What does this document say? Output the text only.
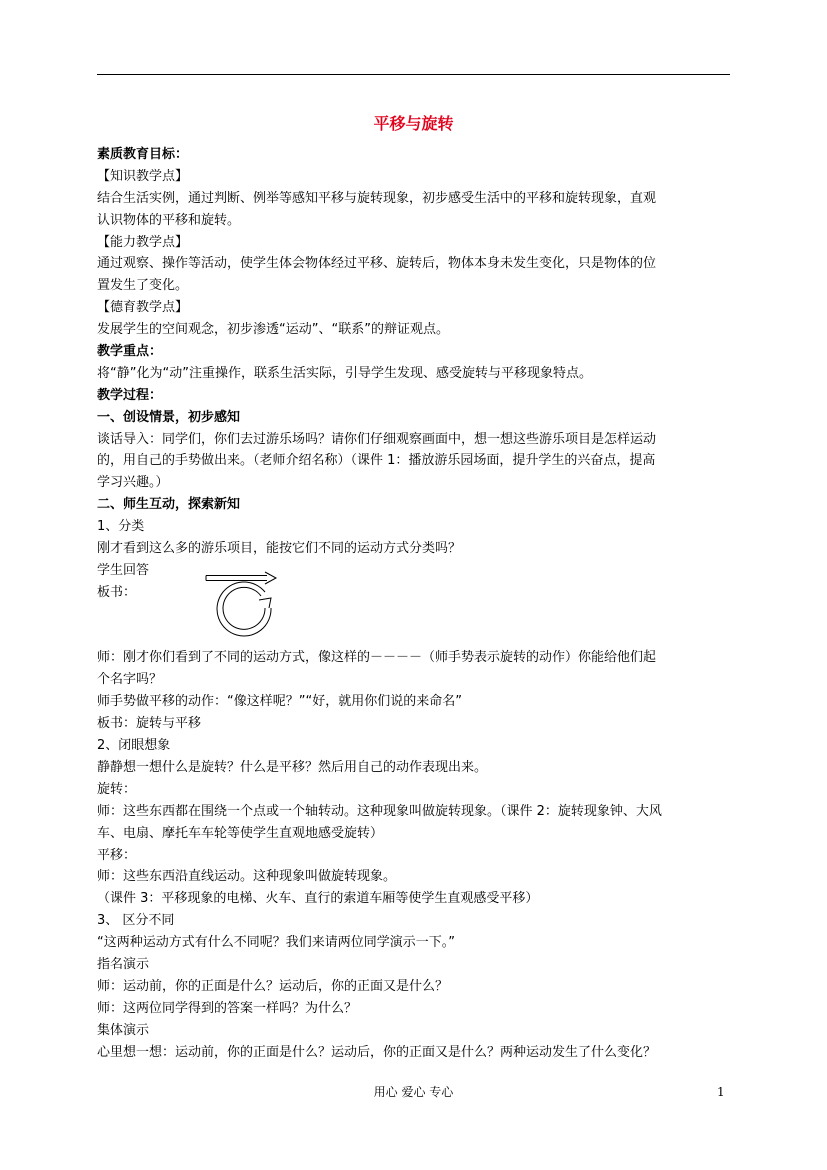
平移与旋转
素质教育目标：
【知识教学点】
结合生活实例，通过判断、例举等感知平移与旋转现象，初步感受生活中的平移和旋转现象，直观
认识物体的平移和旋转。
【能力教学点】
通过观察、操作等活动，使学生体会物体经过平移、旋转后，物体本身未发生变化，只是物体的位
置发生了变化。
【德育教学点】
发展学生的空间观念，初步渗透“运动”、“联系”的辩证观点。
教学重点：
将“静”化为“动”注重操作，联系生活实际，引导学生发现、感受旋转与平移现象特点。
教学过程：
一、创设情景，初步感知
谈话导入：同学们，你们去过游乐场吗？请你们仔细观察画面中，想一想这些游乐项目是怎样运动
的，用自己的手势做出来。（老师介绍名称）（课件 1：播放游乐园场面，提升学生的兴奋点，提高
学习兴趣。）
二、师生互动，探索新知
1、分类
刚才看到这么多的游乐项目，能按它们不同的运动方式分类吗？
学生回答
板书：
师：刚才你们看到了不同的运动方式，像这样的－－－－（师手势表示旋转的动作）你能给他们起
个名字吗？
师手势做平移的动作：“像这样呢？”“好，就用你们说的来命名”
板书：旋转与平移
2、闭眼想象
静静想一想什么是旋转？什么是平移？然后用自己的动作表现出来。
旋转：
师：这些东西都在围绕一个点或一个轴转动。这种现象叫做旋转现象。（课件 2：旋转现象钟、大风
车、电扇、摩托车车轮等使学生直观地感受旋转）
平移：
师：这些东西沿直线运动。这种现象叫做旋转现象。
（课件 3：平移现象的电梯、火车、直行的索道车厢等使学生直观感受平移）
3、 区分不同
“这两种运动方式有什么不同呢？我们来请两位同学演示一下。”
指名演示
师：运动前，你的正面是什么？运动后，你的正面又是什么？
师：这两位同学得到的答案一样吗？为什么？
集体演示
心里想一想：运动前，你的正面是什么？运动后，你的正面又是什么？两种运动发生了什么变化？
用心 爱心 专心	1
